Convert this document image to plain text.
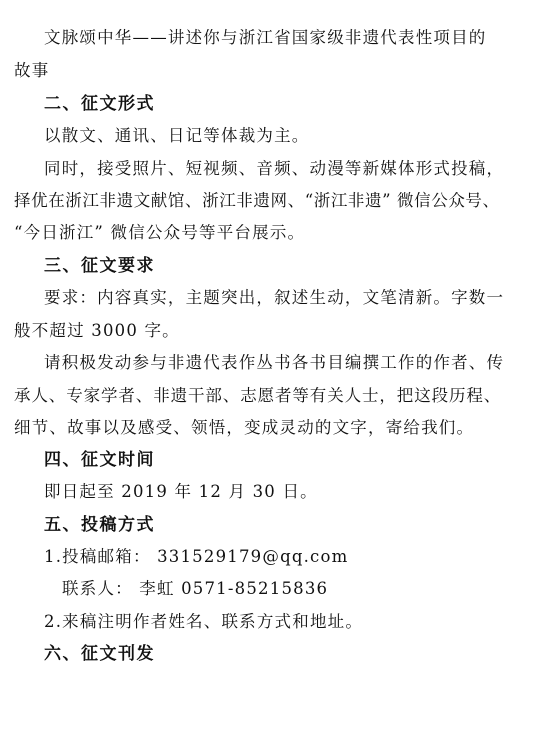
文脉颂中华——讲述你与浙江省国家级非遗代表性项目的
故事
二、征文形式
以散文、通讯、日记等体裁为主。
同时，接受照片、短视频、音频、动漫等新媒体形式投稿，
择优在浙江非遗文献馆、浙江非遗网、“浙江非遗” 微信公众号、
“今日浙江” 微信公众号等平台展示。
三、征文要求
要求：内容真实，主题突出，叙述生动，文笔清新。字数一
般不超过 3000 字。
请积极发动参与非遗代表作丛书各书目编撰工作的作者、传
承人、专家学者、非遗干部、志愿者等有关人士，把这段历程、
细节、故事以及感受、领悟，变成灵动的文字，寄给我们。
四、征文时间
即日起至 2019 年 12 月 30 日。
五、投稿方式
1.投稿邮箱： 331529179@qq.com
联系人： 李虹 0571-85215836
2.来稿注明作者姓名、联系方式和地址。
六、征文刊发
